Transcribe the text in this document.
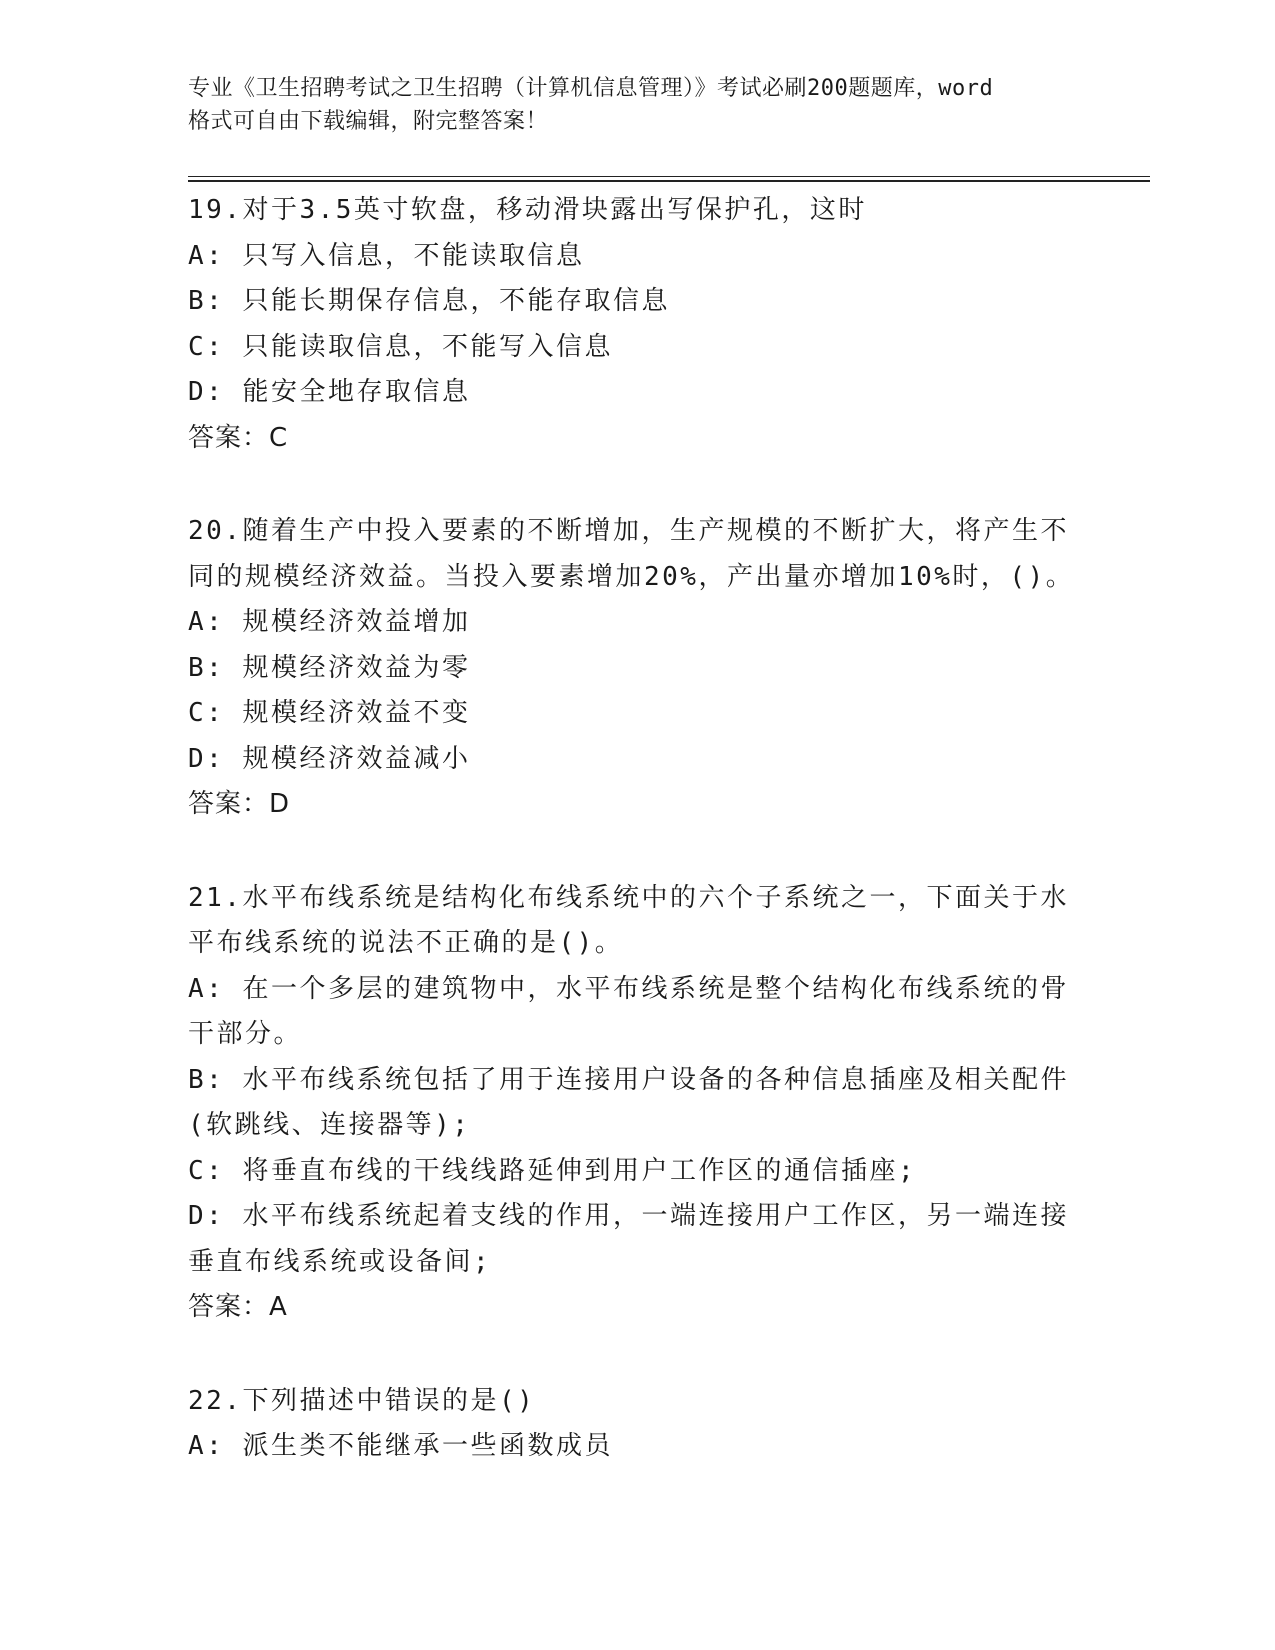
专业《卫生招聘考试之卫生招聘（计算机信息管理）》考试必刷200题题库，word
格式可自由下载编辑，附完整答案！
19.对于3.5英寸软盘，移动滑块露出写保护孔，这时
A: 只写入信息，不能读取信息
B: 只能长期保存信息，不能存取信息
C: 只能读取信息，不能写入信息
D: 能安全地存取信息
答案：C
20.随着生产中投入要素的不断增加，生产规模的不断扩大，将产生不
同的规模经济效益。当投入要素增加20%，产出量亦增加10%时，()。
A: 规模经济效益增加
B: 规模经济效益为零
C: 规模经济效益不变
D: 规模经济效益减小
答案：D
21.水平布线系统是结构化布线系统中的六个子系统之一，下面关于水
平布线系统的说法不正确的是()。
A: 在一个多层的建筑物中，水平布线系统是整个结构化布线系统的骨
干部分。
B: 水平布线系统包括了用于连接用户设备的各种信息插座及相关配件
(软跳线、连接器等);
C: 将垂直布线的干线线路延伸到用户工作区的通信插座;
D: 水平布线系统起着支线的作用，一端连接用户工作区，另一端连接
垂直布线系统或设备间;
答案：A
22.下列描述中错误的是()
A: 派生类不能继承一些函数成员
